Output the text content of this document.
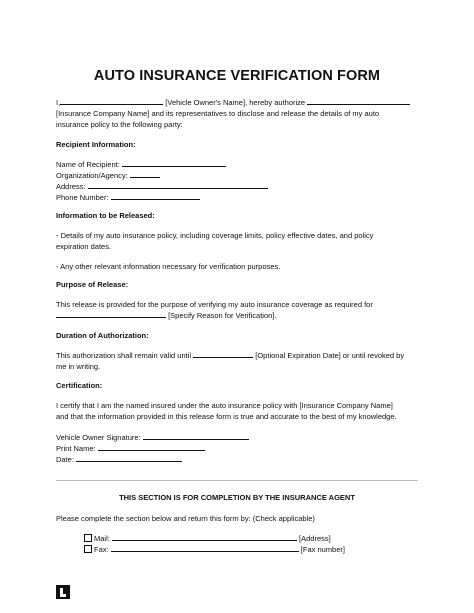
AUTO INSURANCE VERIFICATION FORM
I,	[Vehicle Owner's Name], hereby authorize
[Insurance Company Name] and its representatives to disclose and release the details of my auto
insurance policy to the following party:
Recipient Information:
Name of Recipient:
Organization/Agency:
Address:
Phone Number:
Information to be Released:
- Details of my auto insurance policy, including coverage limits, policy effective dates, and policy
expiration dates.
- Any other relevant information necessary for verification purposes.
Purpose of Release:
This release is provided for the purpose of verifying my auto insurance coverage as required for
[Specify Reason for Verification].
Duration of Authorization:
This authorization shall remain valid until	[Optional Expiration Date] or until revoked by
me in writing.
Certification:
I certify that I am the named insured under the auto insurance policy with [Insurance Company Name]
and that the information provided in this release form is true and accurate to the best of my knowledge.
Vehicle Owner Signature:
Print Name:
Date:
THIS SECTION IS FOR COMPLETION BY THE INSURANCE AGENT
Please complete the section below and return this form by: (Check applicable)
Mail:	[Address]
Fax:	[Fax number]
